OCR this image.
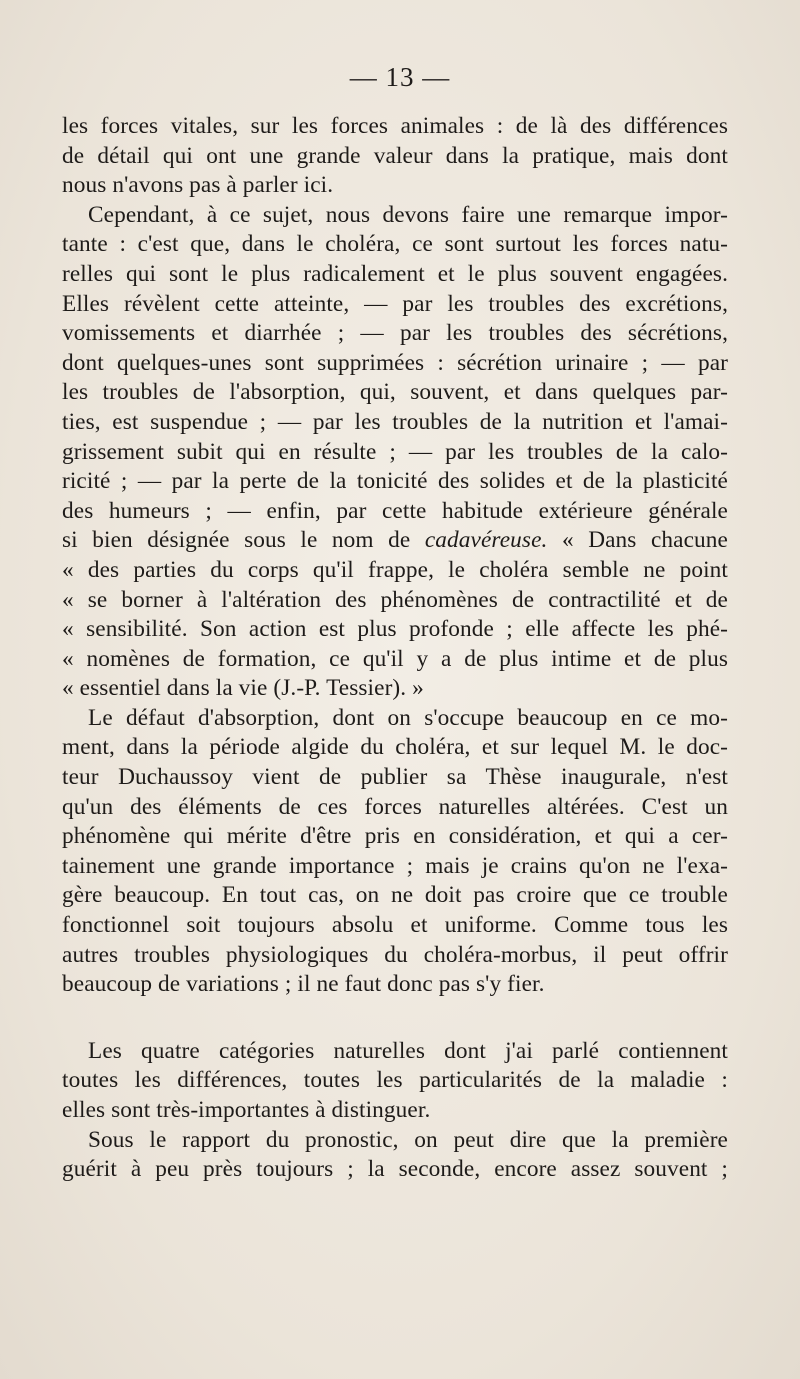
— 13 —
les forces vitales, sur les forces animales : de là des différences
de détail qui ont une grande valeur dans la pratique, mais dont
nous n'avons pas à parler ici.
Cependant, à ce sujet, nous devons faire une remarque impor-
tante : c'est que, dans le choléra, ce sont surtout les forces natu-
relles qui sont le plus radicalement et le plus souvent engagées.
Elles révèlent cette atteinte, — par les troubles des excrétions,
vomissements et diarrhée ; — par les troubles des sécrétions,
dont quelques-unes sont supprimées : sécrétion urinaire ; — par
les troubles de l'absorption, qui, souvent, et dans quelques par-
ties, est suspendue ; — par les troubles de la nutrition et l'amai-
grissement subit qui en résulte ; — par les troubles de la calo-
ricité ; — par la perte de la tonicité des solides et de la plasticité
des humeurs ; — enfin, par cette habitude extérieure générale
si bien désignée sous le nom de cadavéreuse. « Dans chacune
« des parties du corps qu'il frappe, le choléra semble ne point
« se borner à l'altération des phénomènes de contractilité et de
« sensibilité. Son action est plus profonde ; elle affecte les phé-
« nomènes de formation, ce qu'il y a de plus intime et de plus
« essentiel dans la vie (J.-P. Tessier). »
Le défaut d'absorption, dont on s'occupe beaucoup en ce mo-
ment, dans la période algide du choléra, et sur lequel M. le doc-
teur Duchaussoy vient de publier sa Thèse inaugurale, n'est
qu'un des éléments de ces forces naturelles altérées. C'est un
phénomène qui mérite d'être pris en considération, et qui a cer-
tainement une grande importance ; mais je crains qu'on ne l'exa-
gère beaucoup. En tout cas, on ne doit pas croire que ce trouble
fonctionnel soit toujours absolu et uniforme. Comme tous les
autres troubles physiologiques du choléra-morbus, il peut offrir
beaucoup de variations ; il ne faut donc pas s'y fier.
Les quatre catégories naturelles dont j'ai parlé contiennent
toutes les différences, toutes les particularités de la maladie :
elles sont très-importantes à distinguer.
Sous le rapport du pronostic, on peut dire que la première
guérit à peu près toujours ; la seconde, encore assez souvent ;
